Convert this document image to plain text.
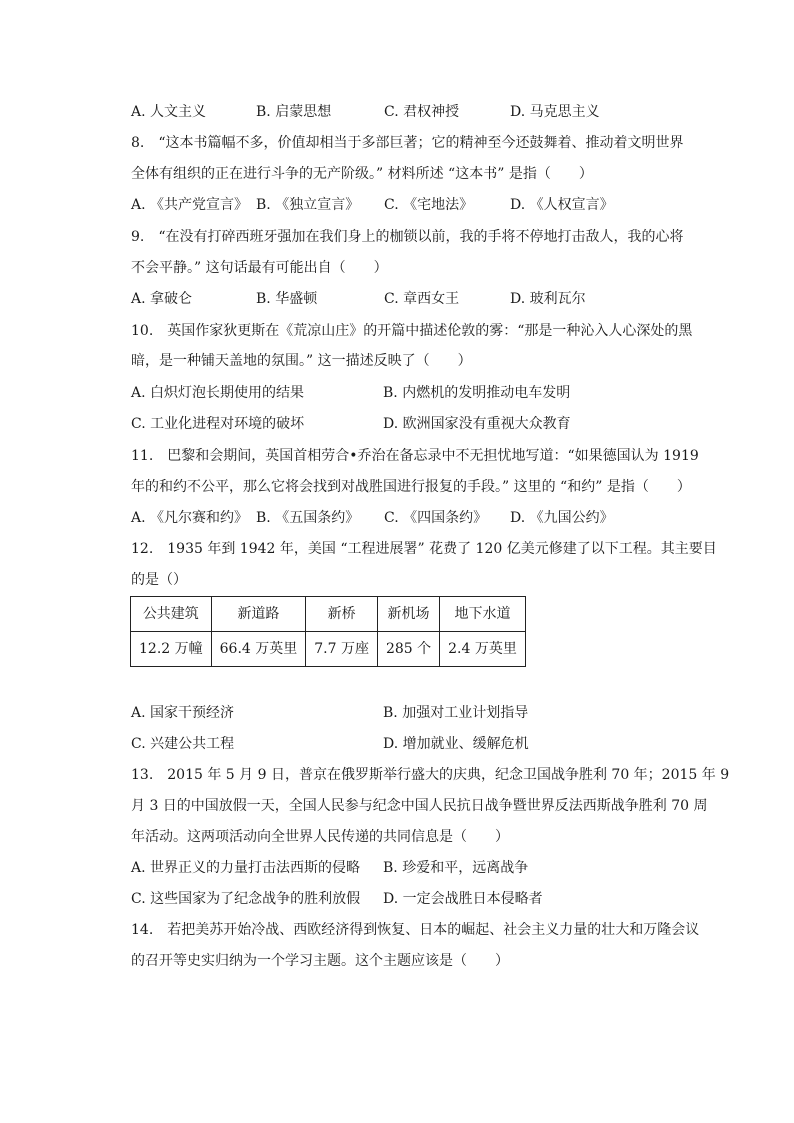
A. 人文主义	B. 启蒙思想	C. 君权神授	D. 马克思主义
8.　“这本书篇幅不多，价值却相当于多部巨著；它的精神至今还鼓舞着、推动着文明世界
全体有组织的正在进行斗争的无产阶级。” 材料所述 “这本书” 是指（　　）
A. 《共产党宣言》 B. 《独立宣言》 C. 《宅地法》	D. 《人权宣言》
9.　“在没有打碎西班牙强加在我们身上的枷锁以前，我的手将不停地打击敌人，我的心将
不会平静。” 这句话最有可能出自（　　）
A. 拿破仑	B. 华盛顿	C. 章西女王	D. 玻利瓦尔
10.　英国作家狄更斯在《荒凉山庄》的开篇中描述伦敦的雾：“那是一种沁入人心深处的黑
暗，是一种铺天盖地的氛围。” 这一描述反映了（　　）
A. 白炽灯泡长期使用的结果	B. 内燃机的发明推动电车发明
C. 工业化进程对环境的破坏	D. 欧洲国家没有重视大众教育
11.　巴黎和会期间，英国首相劳合•乔治在备忘录中不无担忧地写道：“如果德国认为 1919
年的和约不公平，那么它将会找到对战胜国进行报复的手段。” 这里的 “和约” 是指（　　）
A. 《凡尔赛和约》 B. 《五国条约》 C. 《四国条约》 D. 《九国公约》
12.　1935 年到 1942 年，美国 “工程进展署” 花费了 120 亿美元修建了以下工程。其主要目
的是（）
公共建筑	新道路	新桥	新机场	地下水道
12.2 万幢	66.4 万英里	7.7 万座	285 个	2.4 万英里
A. 国家干预经济	B. 加强对工业计划指导
C. 兴建公共工程	D. 增加就业、缓解危机
13.　2015 年 5 月 9 日，普京在俄罗斯举行盛大的庆典，纪念卫国战争胜利 70 年；2015 年 9
月 3 日的中国放假一天，全国人民参与纪念中国人民抗日战争暨世界反法西斯战争胜利 70 周
年活动。这两项活动向全世界人民传递的共同信息是（　　）
A. 世界正义的力量打击法西斯的侵略 B. 珍爱和平，远离战争
C. 这些国家为了纪念战争的胜利放假 D. 一定会战胜日本侵略者
14.　若把美苏开始冷战、西欧经济得到恢复、日本的崛起、社会主义力量的壮大和万隆会议
的召开等史实归纳为一个学习主题。这个主题应该是（　　）
